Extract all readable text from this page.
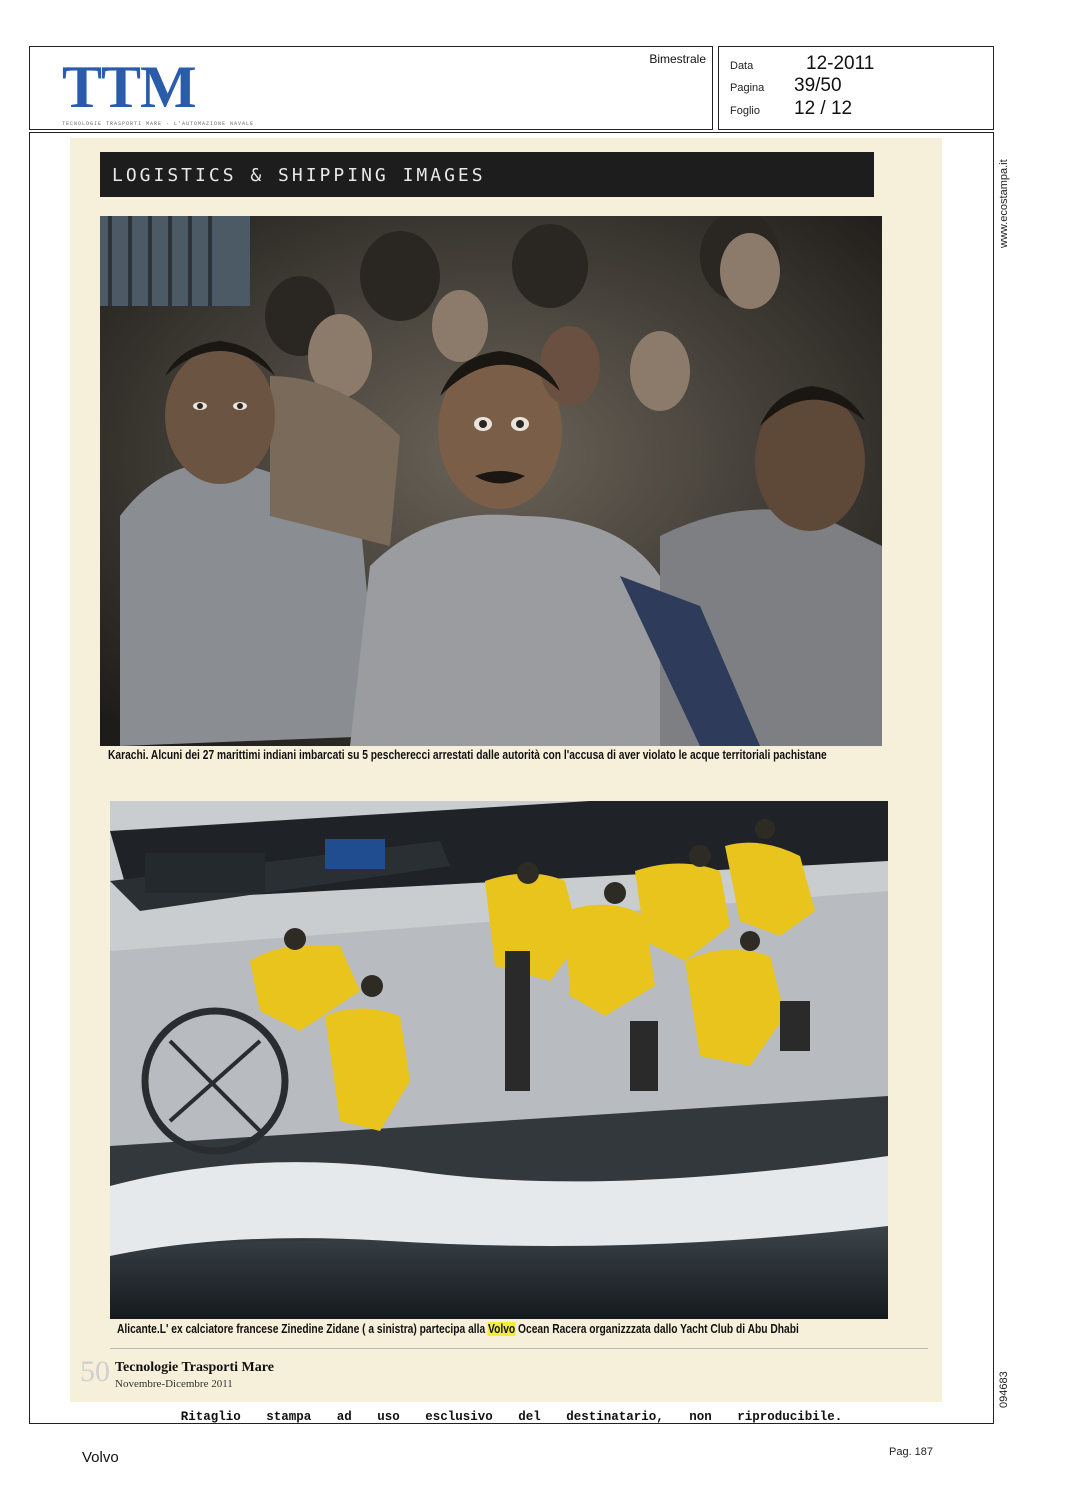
TTM
TECNOLOGIE TRASPORTI MARE · L'AUTOMAZIONE NAVALE
Bimestrale Data	12-2011
Pagina	39/50
Foglio	12 / 12
www.ecostampa.it
094683
LOGISTICS & SHIPPING IMAGES
Karachi. Alcuni dei 27 marittimi indiani imbarcati su 5 pescherecci arrestati dalle autorità con l'accusa di aver violato le acque territoriali pachistane
Alicante.L' ex calciatore francese Zinedine Zidane ( a sinistra) partecipa alla Volvo Ocean Racera organizzzata dallo Yacht Club di Abu Dhabi
50 Tecnologie Trasporti Mare
Novembre-Dicembre 2011
Ritaglio stampa ad uso esclusivo del destinatario, non riproducibile.
Volvo	Pag. 187
